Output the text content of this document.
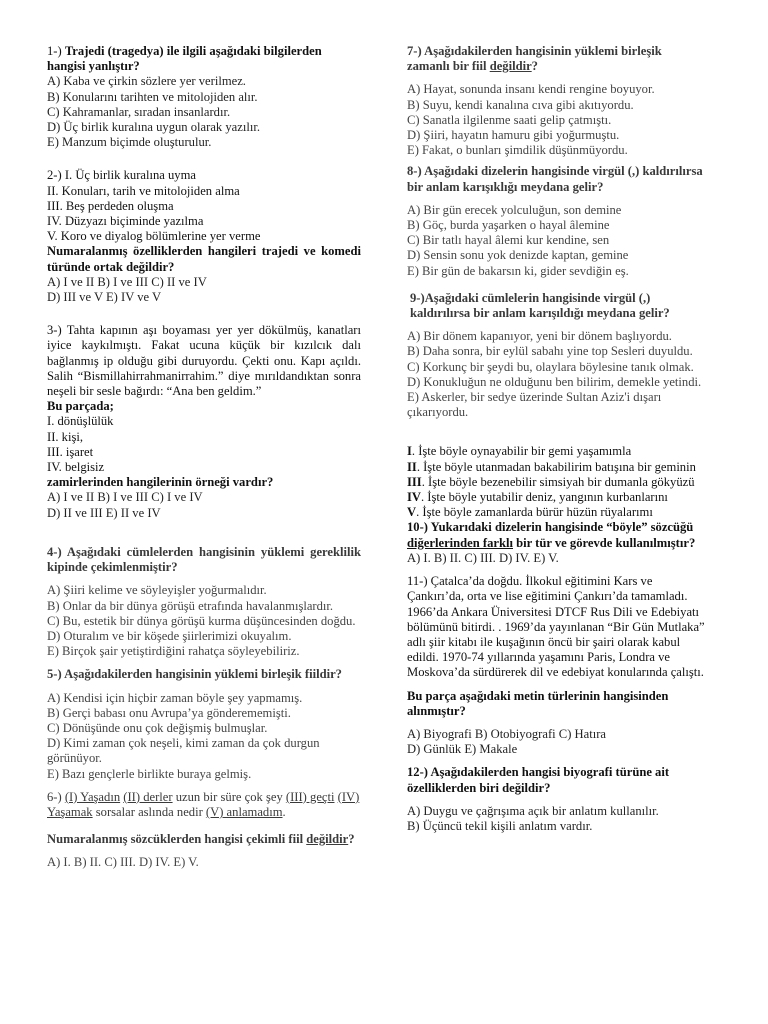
1-) Trajedi (tragedya) ile ilgili aşağıdaki bilgilerden hangisi yanlıştır?
A) Kaba ve çirkin sözlere yer verilmez.
B) Konularını tarihten ve mitolojiden alır.
C) Kahramanlar, sıradan insanlardır.
D) Üç birlik kuralına uygun olarak yazılır.
E) Manzum biçimde oluşturulur.
2-) I. Üç birlik kuralına uyma
II. Konuları, tarih ve mitolojiden alma
III. Beş perdeden oluşma
IV. Düzyazı biçiminde yazılma
V. Koro ve diyalog bölümlerine yer verme
Numaralanmış özelliklerden hangileri trajedi ve komedi türünde ortak değildir?
A) I ve II B) I ve III C) II ve IV
D) III ve V E) IV ve V
3-) Tahta kapının aşı boyaması yer yer dökülmüş, kanatları iyice kaykılmıştı. Fakat ucuna küçük bir kızılcık dalı bağlanmış ip olduğu gibi duruyordu. Çekti onu. Kapı açıldı. Salih “Bismillahirrahmanirrahim.” diye mırıldandıktan sonra neşeli bir sesle bağırdı: “Ana ben geldim.”
Bu parçada;
I. dönüşlülük
II. kişi,
III. işaret
IV. belgisiz
zamirlerinden hangilerinin örneği vardır?
A) I ve II B) I ve III C) I ve IV
D) II ve III E) II ve IV
4-) Aşağıdaki cümlelerden hangisinin yüklemi gereklilik kipinde çekimlenmiştir?
A) Şiiri kelime ve söyleyişler yoğurmalıdır.
B) Onlar da bir dünya görüşü etrafında havalanmışlardır.
C) Bu, estetik bir dünya görüşü kurma düşüncesinden doğdu.
D) Oturalım ve bir köşede şiirlerimizi okuyalım.
E) Birçok şair yetiştirdiğini rahatça söyleyebiliriz.
5-) Aşağıdakilerden hangisinin yüklemi birleşik fiildir?
A) Kendisi için hiçbir zaman böyle şey yapmamış.
B) Gerçi babası onu Avrupa’ya gönderememişti.
C) Dönüşünde onu çok değişmiş bulmuşlar.
D) Kimi zaman çok neşeli, kimi zaman da çok durgun görünüyor.
E) Bazı gençlerle birlikte buraya gelmiş.
6-) (I) Yaşadın (II) derler uzun bir süre çok şey (III) geçti (IV) Yaşamak sorsalar aslında nedir (V) anlamadım.
Numaralanmış sözcüklerden hangisi çekimli fiil değildir?
A) I. B) II. C) III. D) IV. E) V.
7-) Aşağıdakilerden hangisinin yüklemi birleşik zamanlı bir fiil değildir?
A) Hayat, sonunda insanı kendi rengine boyuyor.
B) Suyu, kendi kanalına cıva gibi akıtıyordu.
C) Sanatla ilgilenme saati gelip çatmıştı.
D) Şiiri, hayatın hamuru gibi yoğurmuştu.
E) Fakat, o bunları şimdilik düşünmüyordu.
8-) Aşağıdaki dizelerin hangisinde virgül (,) kaldırılırsa bir anlam karışıklığı meydana gelir?
A) Bir gün erecek yolculuğun, son demine
B) Göç, burda yaşarken o hayal âlemine
C) Bir tatlı hayal âlemi kur kendine, sen
D) Sensin sonu yok denizde kaptan, gemine
E) Bir gün de bakarsın ki, gider sevdiğin eş.
9-)Aşağıdaki cümlelerin hangisinde virgül (,) kaldırılırsa bir anlam karışıldığı meydana gelir?
A) Bir dönem kapanıyor, yeni bir dönem başlıyordu.
B) Daha sonra, bir eylül sabahı yine top Sesleri duyuldu.
C) Korkunç bir şeydi bu, olaylara böylesine tanık olmak.
D) Konukluğun ne olduğunu ben bilirim, demekle yetindi.
E) Askerler, bir sedye üzerinde Sultan Aziz'i dışarı çıkarıyordu.
I. İşte böyle oynayabilir bir gemi yaşamımla
II. İşte böyle utanmadan bakabilirim batışına bir geminin
III. İşte böyle bezenebilir simsiyah bir dumanla gökyüzü
IV. İşte böyle yutabilir deniz, yangının kurbanlarını
V. İşte böyle zamanlarda bürür hüzün rüyalarımı
10-) Yukarıdaki dizelerin hangisinde “böyle” sözcüğü diğerlerinden farklı bir tür ve görevde kullanılmıştır?
A) I. B) II. C) III. D) IV. E) V.
11-) Çatalca’da doğdu. İlkokul eğitimini Kars ve Çankırı’da, orta ve lise eğitimini Çankırı’da tamamladı. 1966’da Ankara Üniversitesi DTCF Rus Dili ve Edebiyatı bölümünü bitirdi. . 1969’da yayınlanan “Bir Gün Mutlaka” adlı şiir kitabı ile kuşağının öncü bir şairi olarak kabul edildi. 1970-74 yıllarında yaşamını Paris, Londra ve Moskova’da sürdürerek dil ve edebiyat konularında çalıştı.
Bu parça aşağıdaki metin türlerinin hangisinden alınmıştır?
A) Biyografi B) Otobiyografi C) Hatıra
D) Günlük E) Makale
12-) Aşağıdakilerden hangisi biyografi türüne ait özelliklerden biri değildir?
A) Duygu ve çağrışıma açık bir anlatım kullanılır.
B) Üçüncü tekil kişili anlatım vardır.
